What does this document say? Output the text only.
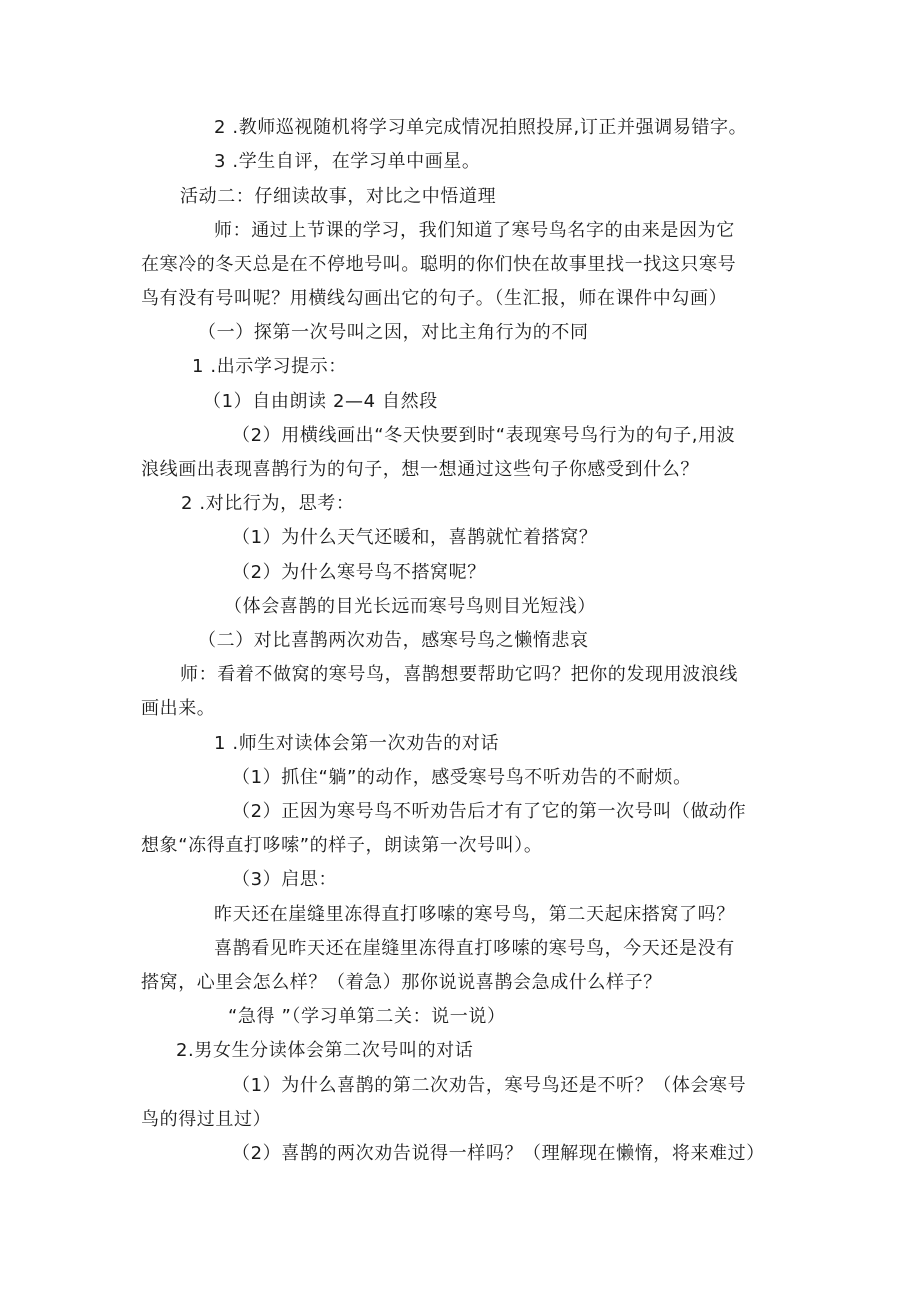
2 .教师巡视随机将学习单完成情况拍照投屏,订正并强调易错字。
3 .学生自评，在学习单中画星。
活动二：仔细读故事，对比之中悟道理
师：通过上节课的学习，我们知道了寒号鸟名字的由来是因为它
在寒冷的冬天总是在不停地号叫。聪明的你们快在故事里找一找这只寒号
鸟有没有号叫呢？用横线勾画出它的句子。（生汇报，师在课件中勾画）
（一）探第一次号叫之因，对比主角行为的不同
1 .出示学习提示：
（1）自由朗读 2—4 自然段
（2）用横线画出“冬天快要到时“表现寒号鸟行为的句子,用波
浪线画出表现喜鹊行为的句子，想一想通过这些句子你感受到什么？
2 .对比行为，思考：
（1）为什么天气还暖和，喜鹊就忙着搭窝？
（2）为什么寒号鸟不搭窝呢？
（体会喜鹊的目光长远而寒号鸟则目光短浅）
（二）对比喜鹊两次劝告，感寒号鸟之懒惰悲哀
师：看着不做窝的寒号鸟，喜鹊想要帮助它吗？把你的发现用波浪线
画出来。
1 .师生对读体会第一次劝告的对话
（1）抓住“躺”的动作，感受寒号鸟不听劝告的不耐烦。
（2）正因为寒号鸟不听劝告后才有了它的第一次号叫（做动作
想象“冻得直打哆嗦”的样子，朗读第一次号叫）。
（3）启思：
昨天还在崖缝里冻得直打哆嗦的寒号鸟，第二天起床搭窝了吗？
喜鹊看见昨天还在崖缝里冻得直打哆嗦的寒号鸟，今天还是没有
搭窝，心里会怎么样？（着急）那你说说喜鹊会急成什么样子？
“急得 ”（学习单第二关：说一说）
2.男女生分读体会第二次号叫的对话
（1）为什么喜鹊的第二次劝告，寒号鸟还是不听？（体会寒号
鸟的得过且过）
（2）喜鹊的两次劝告说得一样吗？（理解现在懒惰，将来难过）
